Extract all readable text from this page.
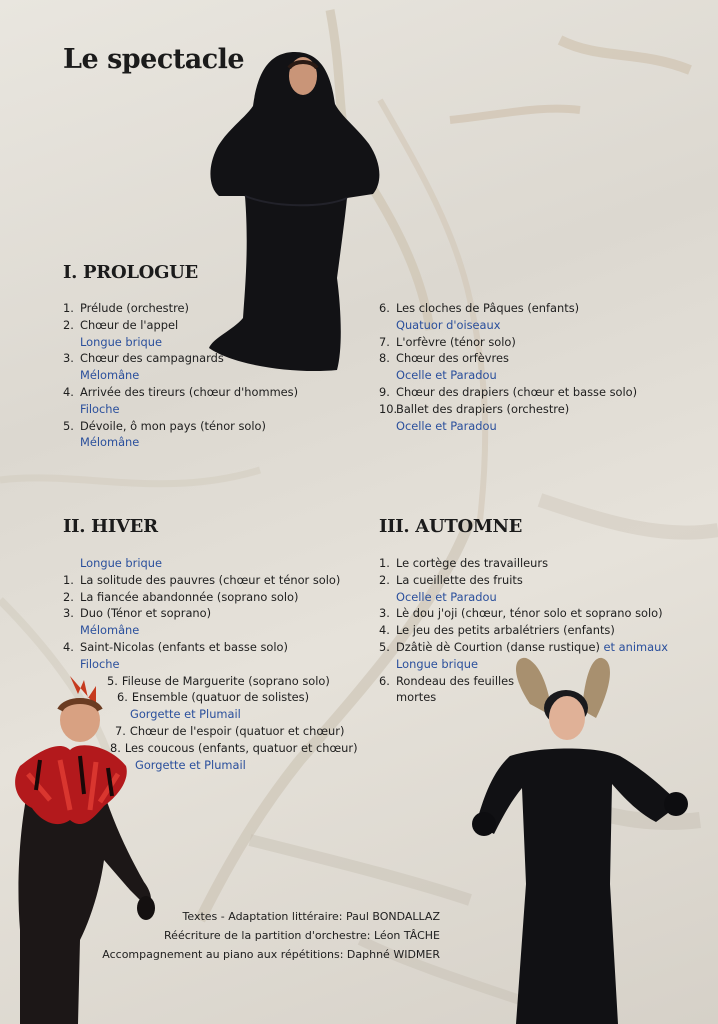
Le spectacle
I. PROLOGUE
1. Prélude (orchestre)
2. Chœur de l'appel
Longue brique
3. Chœur des campagnards
Mélomâne
4. Arrivée des tireurs (chœur d'hommes)
Filoche
5. Dévoile, ô mon pays (ténor solo)
Mélomâne
6. Les cloches de Pâques (enfants)
Quatuor d'oiseaux
7. L'orfèvre (ténor solo)
8. Chœur des orfèvres
Ocelle et Paradou
9. Chœur des drapiers (chœur et basse solo)
10.
Ballet des drapiers (orchestre)
Ocelle et Paradou
II. HIVER
Longue brique
1. La solitude des pauvres (chœur et ténor solo)
2. La fiancée abandonnée (soprano solo)
3. Duo (Ténor et soprano)
Mélomâne
4. Saint-Nicolas (enfants et basse solo)
Filoche
5. Fileuse de Marguerite (soprano solo)
6. Ensemble (quatuor de solistes)
Gorgette et Plumail
7. Chœur de l'espoir (quatuor et chœur)
8. Les coucous (enfants, quatuor et chœur)
Gorgette et Plumail
III. AUTOMNE
1. Le cortège des travailleurs
2. La cueillette des fruits
Ocelle et Paradou
3. Lè dou j'oji (chœur, ténor solo et soprano solo)
4. Le jeu des petits arbalétriers (enfants)
5. Dzâtiè dè Courtion (danse rustique) et animaux
Longue brique
6. Rondeau des feuilles
mortes
Textes - Adaptation littéraire: Paul BONDALLAZ
Réécriture de la partition d'orchestre: Léon TÂCHE
Accompagnement au piano aux répétitions: Daphné WIDMER
